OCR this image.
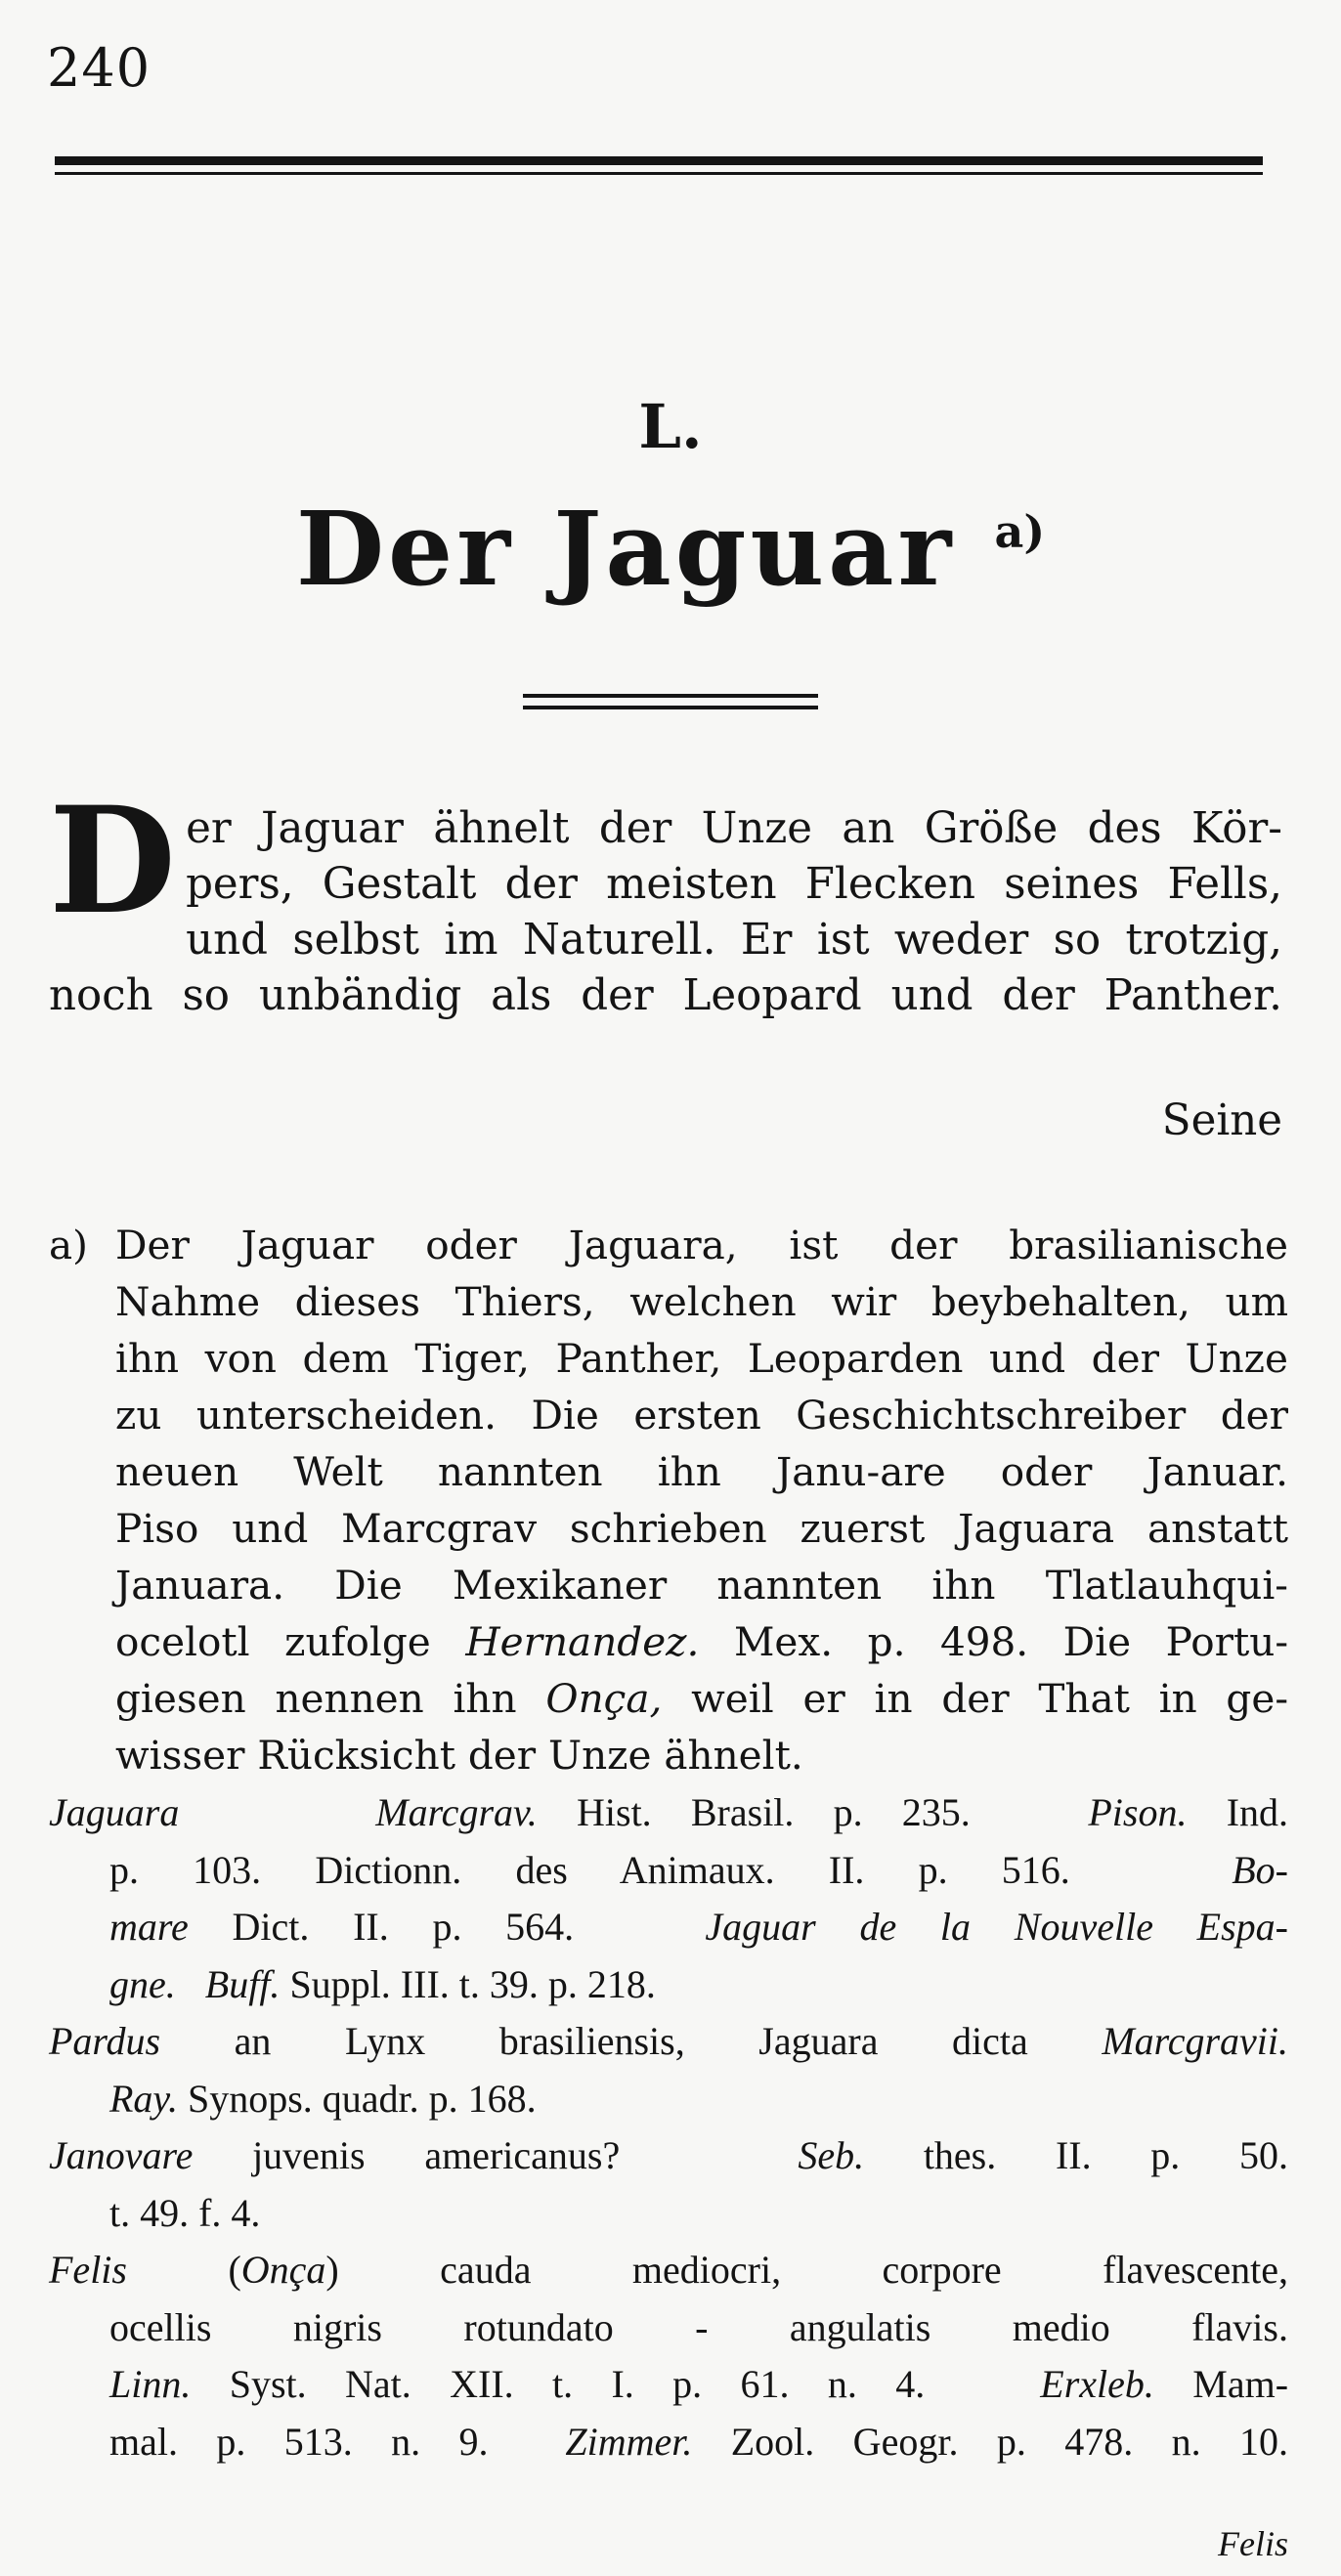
240
L.
Der Jaguar $^{a)}$
D er Jaguar ähnelt der Unze an Größe des Kör-
pers, Gestalt der meisten Flecken seines Fells,
und selbst im Naturell. Er ist weder so trotzig,
noch so unbändig als der Leopard und der Panther.
Seine
a) Der Jaguar oder Jaguara, ist der brasilianische
Nahme dieses Thiers, welchen wir beybehalten, um
ihn von dem Tiger, Panther, Leoparden und der Unze
zu unterscheiden. Die ersten Geschichtschreiber der
neuen Welt nannten ihn Janu-are oder Januar.
Piso und Marcgrav schrieben zuerst Jaguara anstatt
Januara. Die Mexikaner nannten ihn Tlatlauhqui-
ocelotl zufolge Hernandez. Mex. p. 498. Die Portu-
giesen nennen ihn Onça, weil er in der That in ge-
wisser Rücksicht der Unze ähnelt.
Jaguara	Marcgrav. Hist. Brasil. p. 235.	Pison. Ind.
p. 103. Dictionn. des Animaux. II. p. 516.	Bo-
mare Dict. II. p. 564.	Jaguar de la Nouvelle Espa-
gne. Buff. Suppl. III. t. 39. p. 218.
Pardus an Lynx brasiliensis, Jaguara dicta Marcgravii.
Ray. Synops. quadr. p. 168.
Janovare juvenis americanus?	Seb. thes. II. p. 50.
t. 49. f. 4.
Felis	(Onça) cauda mediocri, corpore flavescente,
ocellis nigris rotundato - angulatis medio flavis.
Linn. Syst. Nat. XII. t. I. p. 61. n. 4.	Erxleb. Mam-
mal. p. 513. n. 9. Zimmer. Zool. Geogr. p. 478. n. 10.
Felis
